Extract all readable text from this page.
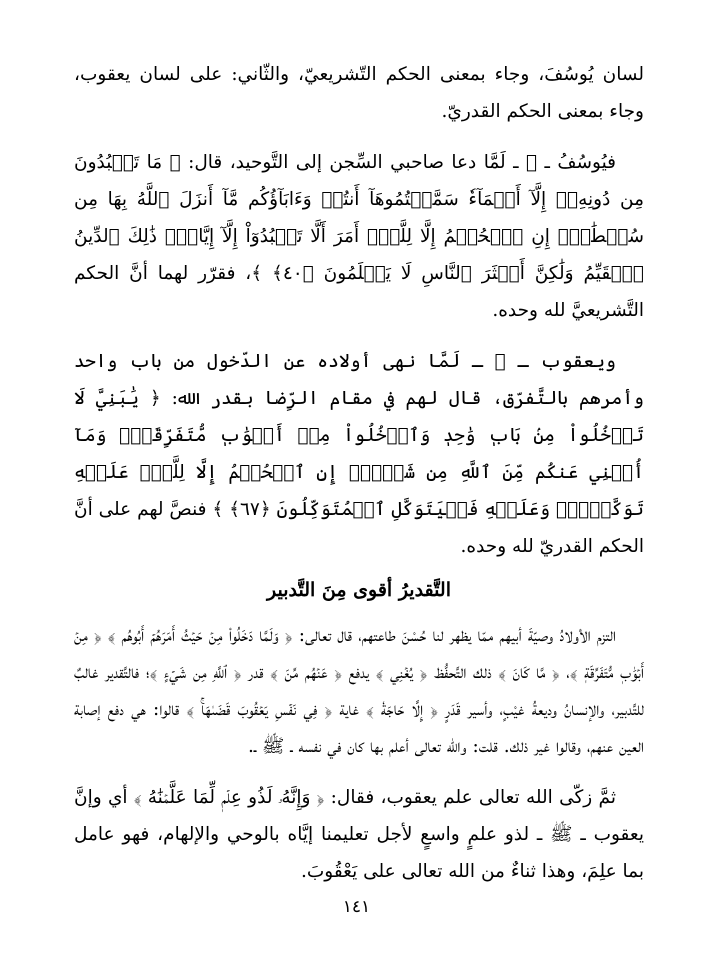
لسان يُوسُفَ، وجاء بمعنى الحكم التّشريعيّ، والثّاني: على لسان يعقوب، وجاء بمعنى الحكم القدريّ.

فيُوسُفُ ـ ﷺ ـ لَمَّا دعا صاحبي السِّجن إلى التَّوحيد، قال: ﴿ مَا تَعۡبُدُونَ مِن دُونِهِۦٓ إِلَّآ أَسۡمَآءٗ سَمَّيۡتُمُوهَآ أَنتُمۡ وَءَابَآؤُكُم مَّآ أَنزَلَ ٱللَّهُ بِهَا مِن سُلۡطَٰنٍۚ إِنِ ٱلۡحُكۡمُ إِلَّا لِلَّهِۚ أَمَرَ أَلَّا تَعۡبُدُوٓاْ إِلَّآ إِيَّاهُۚ ذَٰلِكَ ٱلدِّينُ ٱلۡقَيِّمُ وَلَٰكِنَّ أَكۡثَرَ ٱلنَّاسِ لَا يَعۡلَمُونَ ﴿٤٠﴾ ﴾، فقرّر لهما أنَّ الحكم التَّشريعيَّ لله وحده.

ويعقوب ـ ﷺ ـ لَمَّا نهى أولاده عن الدّخول من باب واحد وأمرهم بالتَّفرّق، قال لهم في مقام الرِّضا بقدر الله: ﴿ يَٰبَنِيَّ لَا تَدۡخُلُواْ مِنۢ بَابٖ وَٰحِدٖ وَٱدۡخُلُواْ مِنۡ أَبۡوَٰبٖ مُّتَفَرِّقَةٖۖ وَمَآ أُغۡنِي عَنكُم مِّنَ ٱللَّهِ مِن شَيۡءٍۖ إِنِ ٱلۡحُكۡمُ إِلَّا لِلَّهِۖ عَلَيۡهِ تَوَكَّلۡتُۖ وَعَلَيۡهِ فَلۡيَتَوَكَّلِ ٱلۡمُتَوَكِّلُونَ ﴿٦٧﴾ ﴾ فنصَّ لهم على أنَّ الحكم القدريّ لله وحده.

التَّقديرُ أقوى مِنَ التَّدبير

التزم الأولادُ وصيّةَ أبيهم ممّا يظهر لنا حُسْنَ طاعتهم، قال تعالى: ﴿ وَلَمَّا دَخَلُواْ مِنۡ حَيۡثُ أَمَرَهُمۡ أَبُوهُم ﴾ ﴿ مِنۡ أَبۡوَٰبٖ مُّتَفَرِّقَةٖ ﴾، ﴿ مَّا كَانَ ﴾ ذلك التَّحفُّظ ﴿ يُغۡنِي ﴾ يدفع ﴿ عَنۡهُم مِّنَ ﴾ قدر ﴿ ٱللَّهِ مِن شَيۡءٍ ﴾؛ فالتَّقدير غالبٌ للتَّدبير، والإنسانُ وديعةُ غيْبٍ، وأسير قَدَرٍ ﴿ إِلَّا حَاجَةٗ ﴾ غاية ﴿ فِي نَفۡسِ يَعۡقُوبَ قَضَىٰهَاۚ ﴾ قالوا: هي دفع إصابة العين عنهم، وقالوا غير ذلك. قلت: والله تعالى أعلم بها كان في نفسه ـ ﷺ ـ.

ثمَّ زكّى الله تعالى علم يعقوب، فقال: ﴿ وَإِنَّهُۥ لَذُو عِلۡمٖ لِّمَا عَلَّمۡنَٰهُ ﴾ أي وإنَّ يعقوب ـ ﷺ ـ لذو علمٍ واسعٍ لأجل تعليمنا إيَّاه بالوحي والإلهام، فهو عامل بما علِمَ، وهذا ثناءٌ من الله تعالى على يَعْقُوبَ.

١٤١
